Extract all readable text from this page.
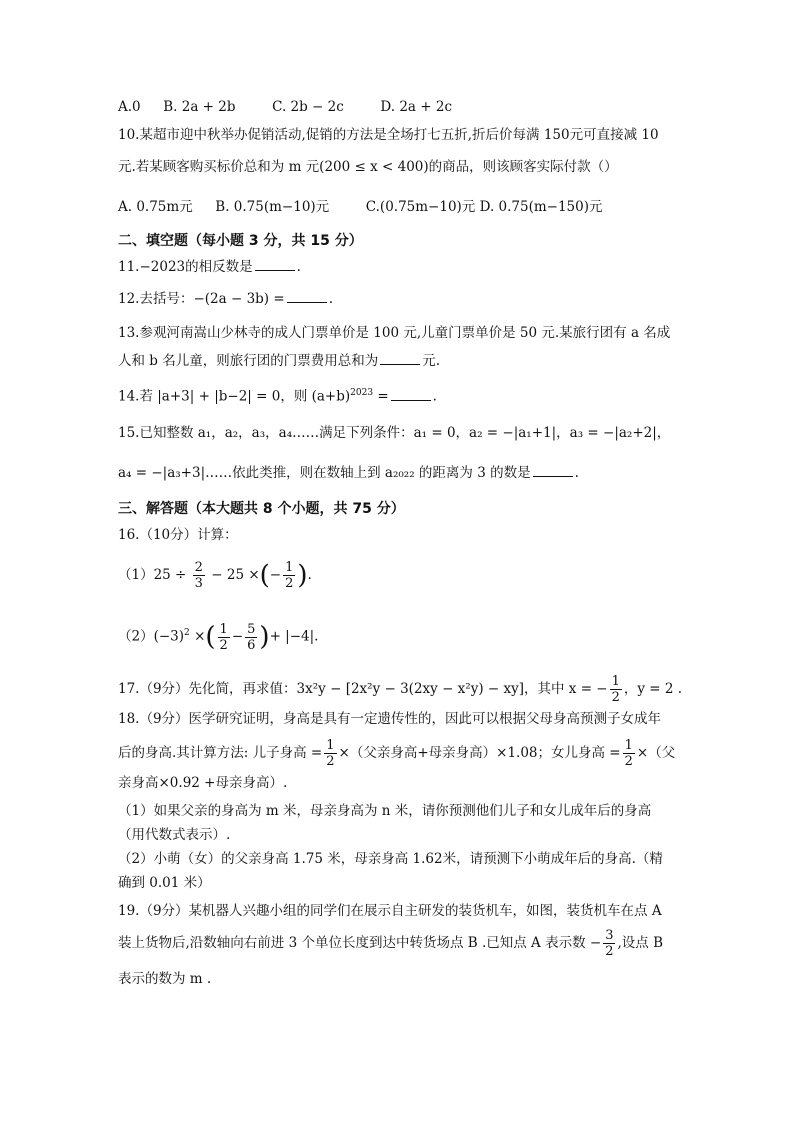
A.0 B. 2a + 2b	C. 2b − 2c	D. 2a + 2c
10.某超市迎中秋举办促销活动,促销的方法是全场打七五折,折后价每满 150元可直接减 10
元.若某顾客购买标价总和为 m 元(200 ≤ x < 400)的商品，则该顾客实际付款（）
A. 0.75m元 B. 0.75(m−10)元	C.(0.75m−10)元 D. 0.75(m−150)元
二、填空题（每小题 3 分，共 15 分）
11.−2023的相反数是	.
12.去括号：−(2a − 3b) =	.
13.参观河南嵩山少林寺的成人门票单价是 100 元,儿童门票单价是 50 元.某旅行团有 a 名成
人和 b 名儿童，则旅行团的门票费用总和为	元.
14.若 |a+3| + |b−2| = 0，则 $(a+b)^{2023}$ =	.
15.已知整数 a₁，a₂，a₃，a₄……满足下列条件：a₁ = 0，a₂ = −|a₁+1|，a₃ = −|a₂+2|，
a₄ = −|a₃+3|……依此类推，则在数轴上到 a₂₀₂₂ 的距离为 3 的数是	.
三、解答题（本大题共 8 个小题，共 75 分）
16.（10分）计算：
$(1)25 \div \frac{2}{3} - 25$ ×(− $\frac{1}{2}$ ).
$(2)(-3)^2$ ×( $\frac{1}{2} - \frac{5}{6}$ )+ |−4|.
17.（9分）先化简，再求值：3x²y − [2x²y − 3(2xy − x²y) − xy]，其中 x = − $\frac{1}{2}$ ，y = 2 .
18.（9分）医学研究证明，身高是具有一定遗传性的，因此可以根据父母身高预测子女成年
后的身高.其计算方法: 儿子身高 = $\frac{1}{2}$ ×（父亲身高+母亲身高）×1.08；女儿身高 = $\frac{1}{2}$ ×（父
亲身高×0.92 +母亲身高）.
（1）如果父亲的身高为 m 米，母亲身高为 n 米，请你预测他们儿子和女儿成年后的身高
（用代数式表示）.
（2）小萌（女）的父亲身高 1.75 米，母亲身高 1.62米，请预测下小萌成年后的身高.（精
确到 0.01 米）
19.（9分）某机器人兴趣小组的同学们在展示自主研发的装货机车，如图，装货机车在点 A
装上货物后,沿数轴向右前进 3 个单位长度到达中转货场点 B .已知点 A 表示数 − $\frac{3}{2}$ ,设点 B
表示的数为 m .
